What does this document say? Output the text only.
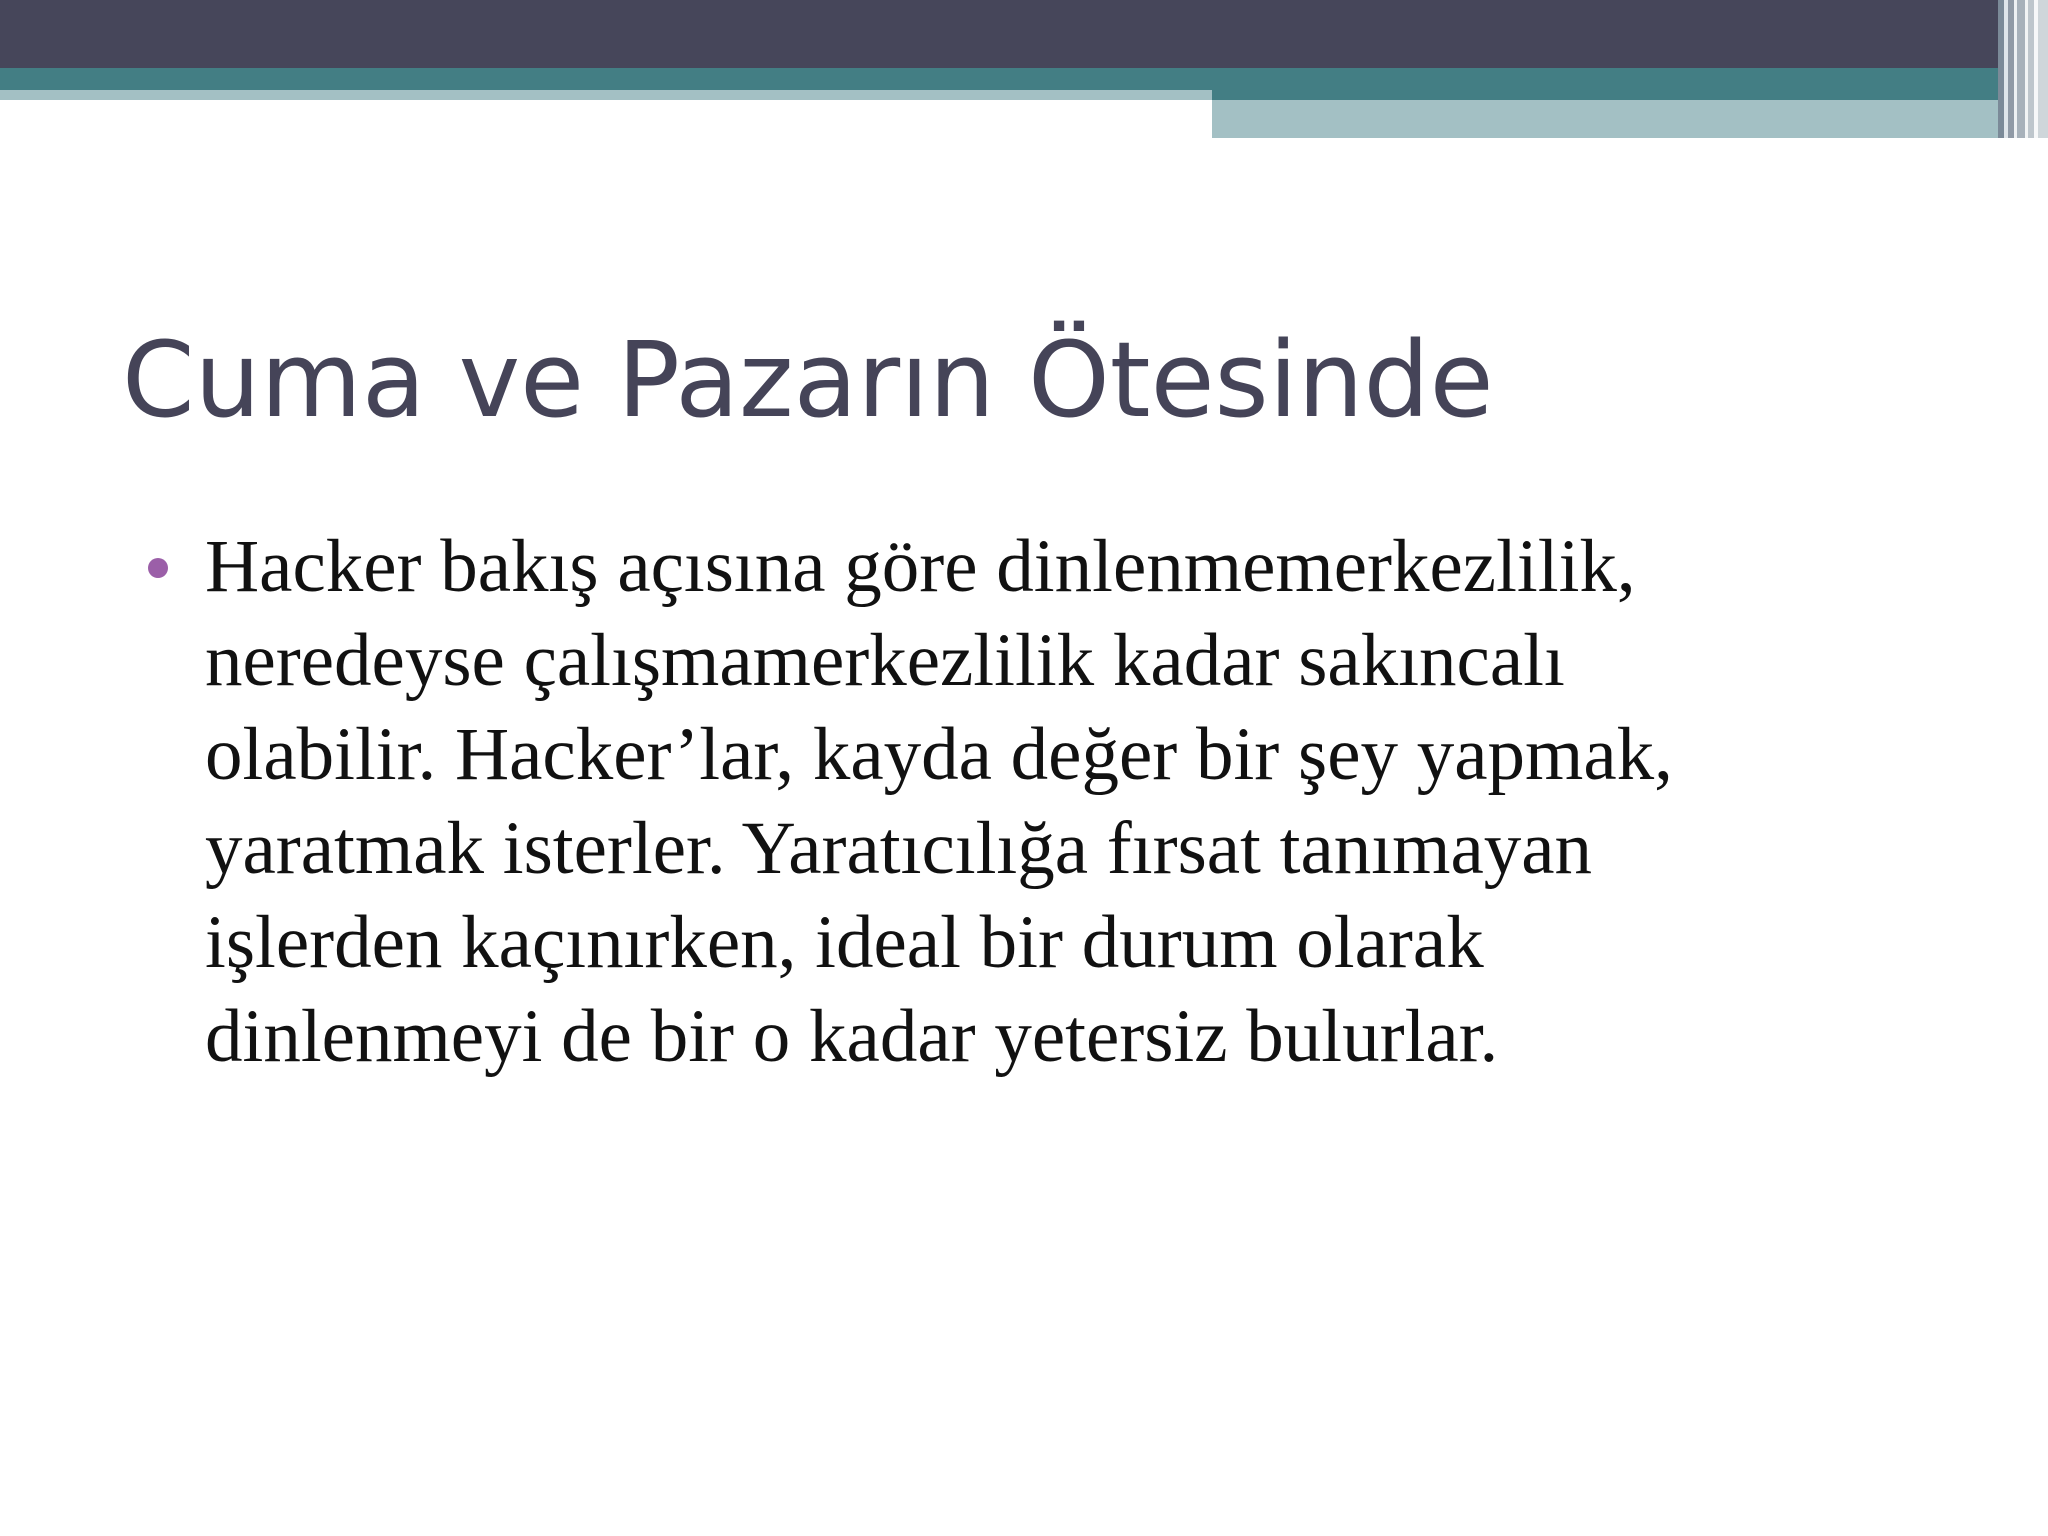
Cuma ve Pazarın Ötesinde
Hacker bakış açısına göre dinlenmemerkezlilik,
neredeyse çalışmamerkezlilik kadar sakıncalı
olabilir. Hacker’lar, kayda değer bir şey yapmak,
yaratmak isterler. Yaratıcılığa fırsat tanımayan
işlerden kaçınırken, ideal bir durum olarak
dinlenmeyi de bir o kadar yetersiz bulurlar.
